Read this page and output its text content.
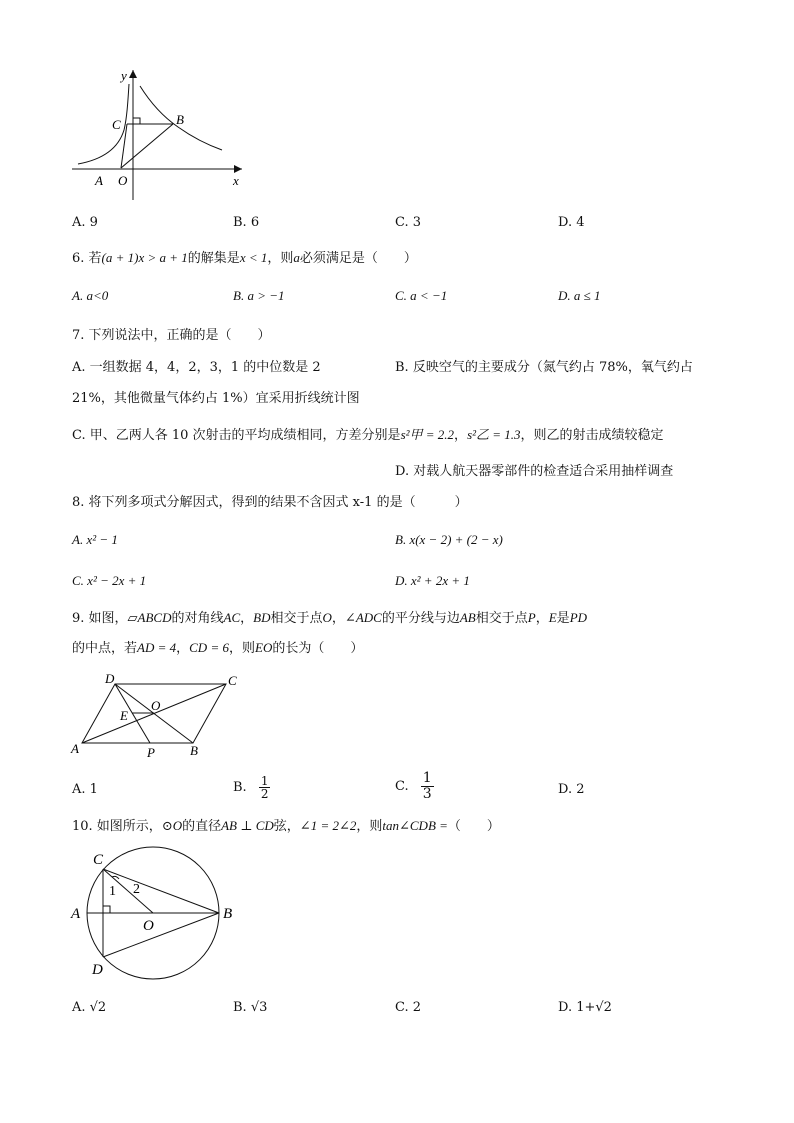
y
x
A O
C	B
A. 9	B. 6	C. 3	D. 4
6. 若(a + 1)x > a + 1的解集是x < 1，则a必须满足是（　　）
A. a<0	B. a > −1	C. a < −1	D. a ≤ 1
7. 下列说法中，正确的是（　　）
A. 一组数据 4，4，2，3，1 的中位数是 2	B. 反映空气的主要成分（氮气约占 78%，氧气约占
21%，其他微量气体约占 1%）宜采用折线统计图
C. 甲、乙两人各 10 次射击的平均成绩相同，方差分别是s²甲 = 2.2，s²乙 = 1.3，则乙的射击成绩较稳定
D. 对载人航天器零部件的检查适合采用抽样调查
8. 将下列多项式分解因式，得到的结果不含因式 x-1 的是（　　　）
A. x² − 1	B. x(x − 2) + (2 − x)
C. x² − 2x + 1	D. x² + 2x + 1
9. 如图，▱ABCD的对角线AC，BD相交于点O，∠ADC的平分线与边AB相交于点P，E是PD
的中点，若AD = 4，CD = 6，则EO的长为（　　）
D	C
E
O
A	P	B
A. 1	B. $\frac{1}{2}$	C. $\frac{1}{3}$	D. 2
10. 如图所示，⊙O的直径AB ⊥ CD弦，∠1 = 2∠2，则tan∠CDB =（　　）
C
1 2
A
O
B
D
A. √2	B. √3	C. 2	D. 1+√2
